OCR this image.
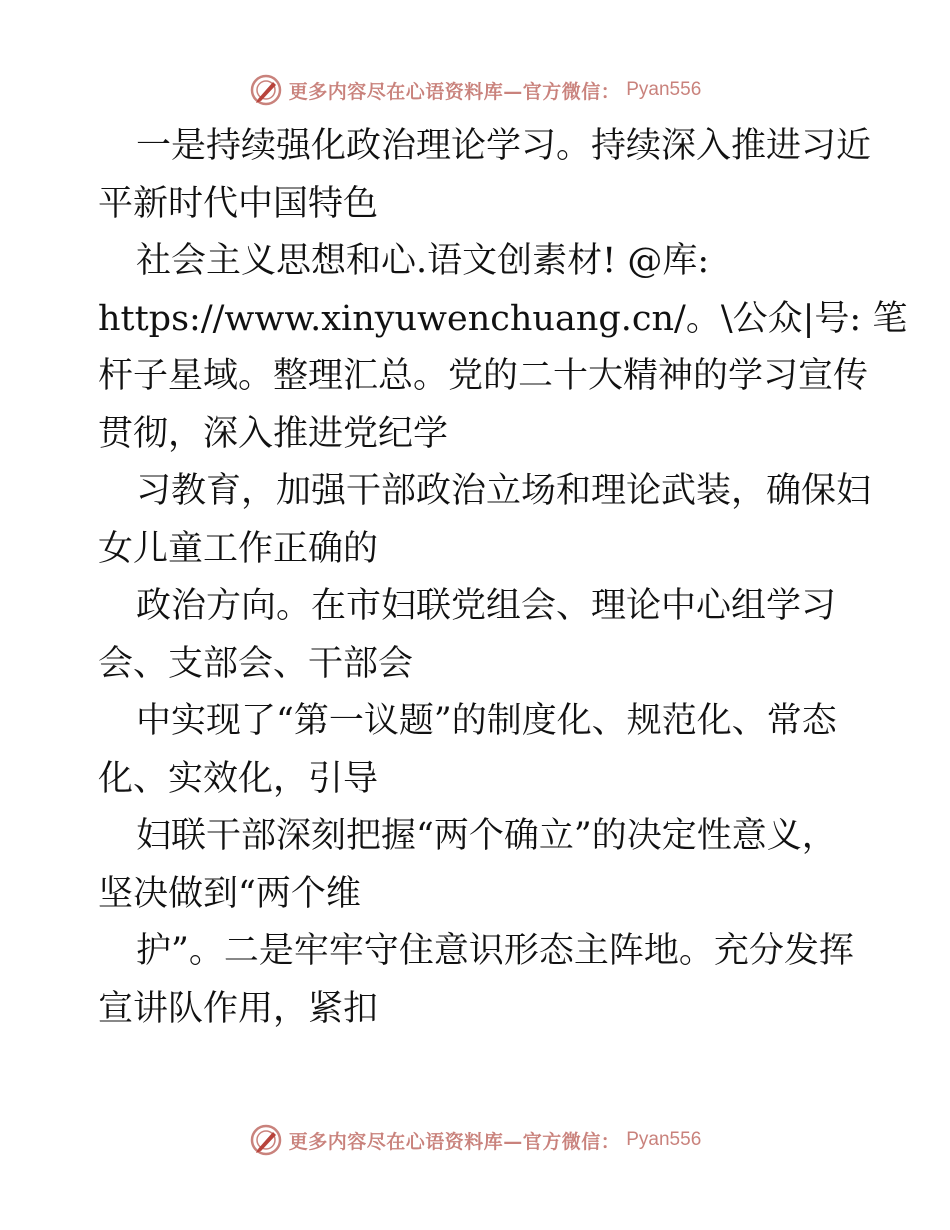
更多内容尽在心语资料库—官方微信： Pyan556
一是持续强化政治理论学习。持续深入推进习近
平新时代中国特色
社会主义思想和心.语文创素材! @库:
https://www.xinyuwenchuang.cn/。\公众|号: 笔
杆子星域。整理汇总。党的二十大精神的学习宣传
贯彻，深入推进党纪学
习教育，加强干部政治立场和理论武装，确保妇
女儿童工作正确的
政治方向。在市妇联党组会、理论中心组学习
会、支部会、干部会
中实现了“第一议题”的制度化、规范化、常态
化、实效化，引导
妇联干部深刻把握“两个确立”的决定性意义，
坚决做到“两个维
护”。二是牢牢守住意识形态主阵地。充分发挥
宣讲队作用，紧扣
更多内容尽在心语资料库—官方微信： Pyan556
